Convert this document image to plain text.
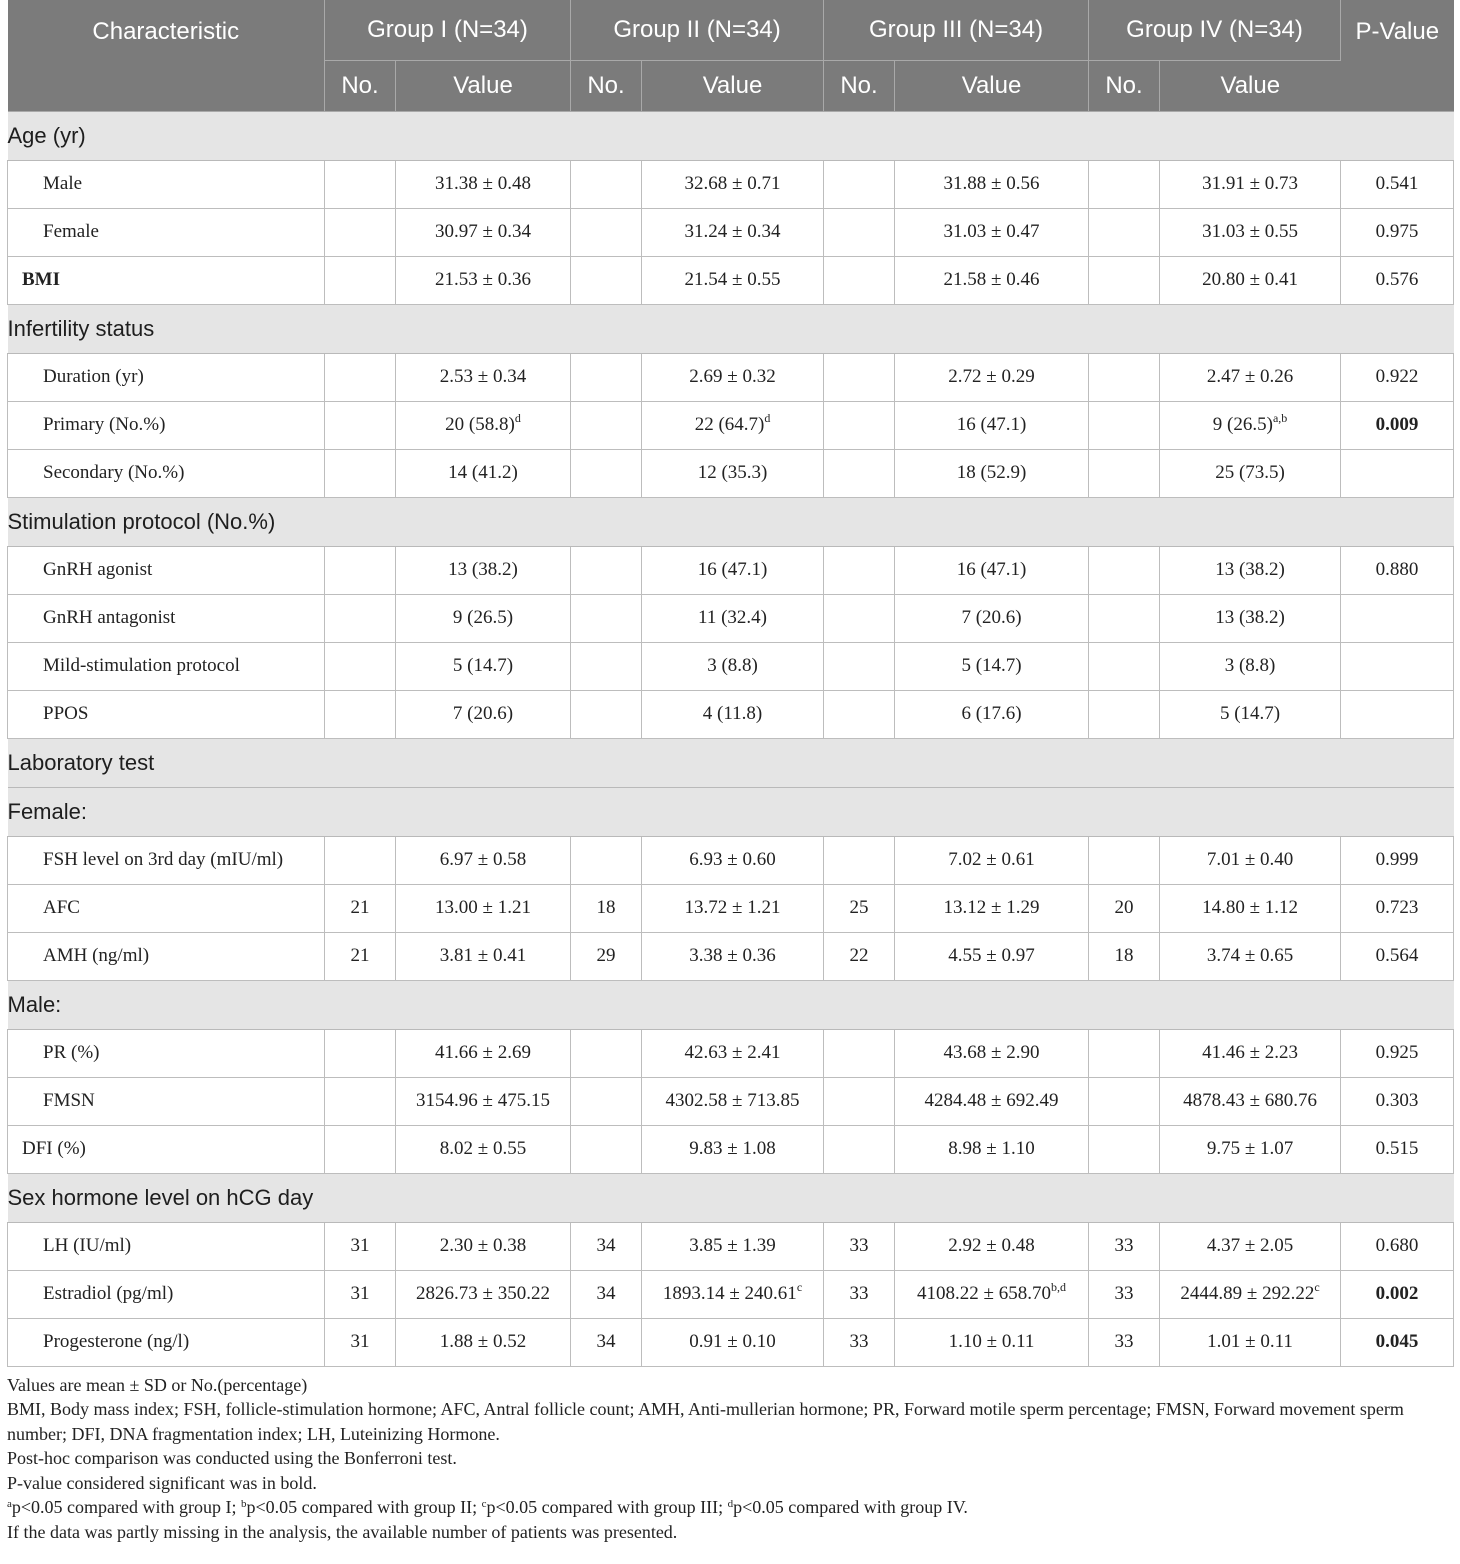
Characteristic	Group I (N=34)		Group II (N=34)		Group III (N=34)		Group IV (N=34)		P-Value
	No.	Value	No.	Value	No.	Value	No.	Value	
Age (yr)									
Male		31.38 ± 0.48		32.68 ± 0.71		31.88 ± 0.56		31.91 ± 0.73	0.541
Female		30.97 ± 0.34		31.24 ± 0.34		31.03 ± 0.47		31.03 ± 0.55	0.975
BMI		21.53 ± 0.36		21.54 ± 0.55		21.58 ± 0.46		20.80 ± 0.41	0.576
Infertility status									
Duration (yr)		2.53 ± 0.34		2.69 ± 0.32		2.72 ± 0.29		2.47 ± 0.26	0.922
Primary (No.%)		20 $(58.8)^d$		22 $(64.7)^d$		16 (47.1)		9 $(26.5)^{a,b}$	0.009
Secondary (No.%)		14 (41.2)		12 (35.3)		18 (52.9)		25 (73.5)	
Stimulation protocol (No.%)									
GnRH agonist		13 (38.2)		16 (47.1)		16 (47.1)		13 (38.2)	0.880
GnRH antagonist		9 (26.5)		11 (32.4)		7 (20.6)		13 (38.2)	
Mild-stimulation protocol		5 (14.7)		3 (8.8)		5 (14.7)		3 (8.8)	
PPOS		7 (20.6)		4 (11.8)		6 (17.6)		5 (14.7)	
Laboratory test									
Female:									
FSH level on 3rd day (mIU/ml)		6.97 ± 0.58		6.93 ± 0.60		7.02 ± 0.61		7.01 ± 0.40	0.999
AFC	21	13.00 ± 1.21	18	13.72 ± 1.21	25	13.12 ± 1.29	20	14.80 ± 1.12	0.723
AMH (ng/ml)	21	3.81 ± 0.41	29	3.38 ± 0.36	22	4.55 ± 0.97	18	3.74 ± 0.65	0.564
Male:									
PR (%)		41.66 ± 2.69		42.63 ± 2.41		43.68 ± 2.90		41.46 ± 2.23	0.925
FMSN		3154.96 ± 475.15		4302.58 ± 713.85		4284.48 ± 692.49		4878.43 ± 680.76	0.303
DFI (%)		8.02 ± 0.55		9.83 ± 1.08		8.98 ± 1.10		9.75 ± 1.07	0.515
Sex hormone level on hCG day									
LH (IU/ml)	31	2.30 ± 0.38	34	3.85 ± 1.39	33	2.92 ± 0.48	33	4.37 ± 2.05	0.680
Estradiol (pg/ml)	31	2826.73 ± 350.22	34	1893.14 ± 240.61$^c$	33	$4108.22 \pm 658.70^{b,d}$	33	2444.89 ± 292.22$^c$	0.002
Progesterone (ng/l)	31	1.88 ± 0.52	34	0.91 ± 0.10	33	1.10 ± 0.11	33	1.01 ± 0.11	0.045
Values are mean ± SD or No.(percentage)
BMI, Body mass index; FSH, follicle-stimulation hormone; AFC, Antral follicle count; AMH, Anti-mullerian hormone; PR, Forward motile sperm percentage; FMSN, Forward movement sperm number; DFI, DNA fragmentation index; LH, Luteinizing Hormone.
Post-hoc comparison was conducted using the Bonferroni test.
P-value considered significant was in bold.
$^a$p<0.05 compared with group I; $^b$p<0.05 compared with group II; $^c$p<0.05 compared with group III; $^d$p<0.05 compared with group IV.
If the data was partly missing in the analysis, the available number of patients was presented.
